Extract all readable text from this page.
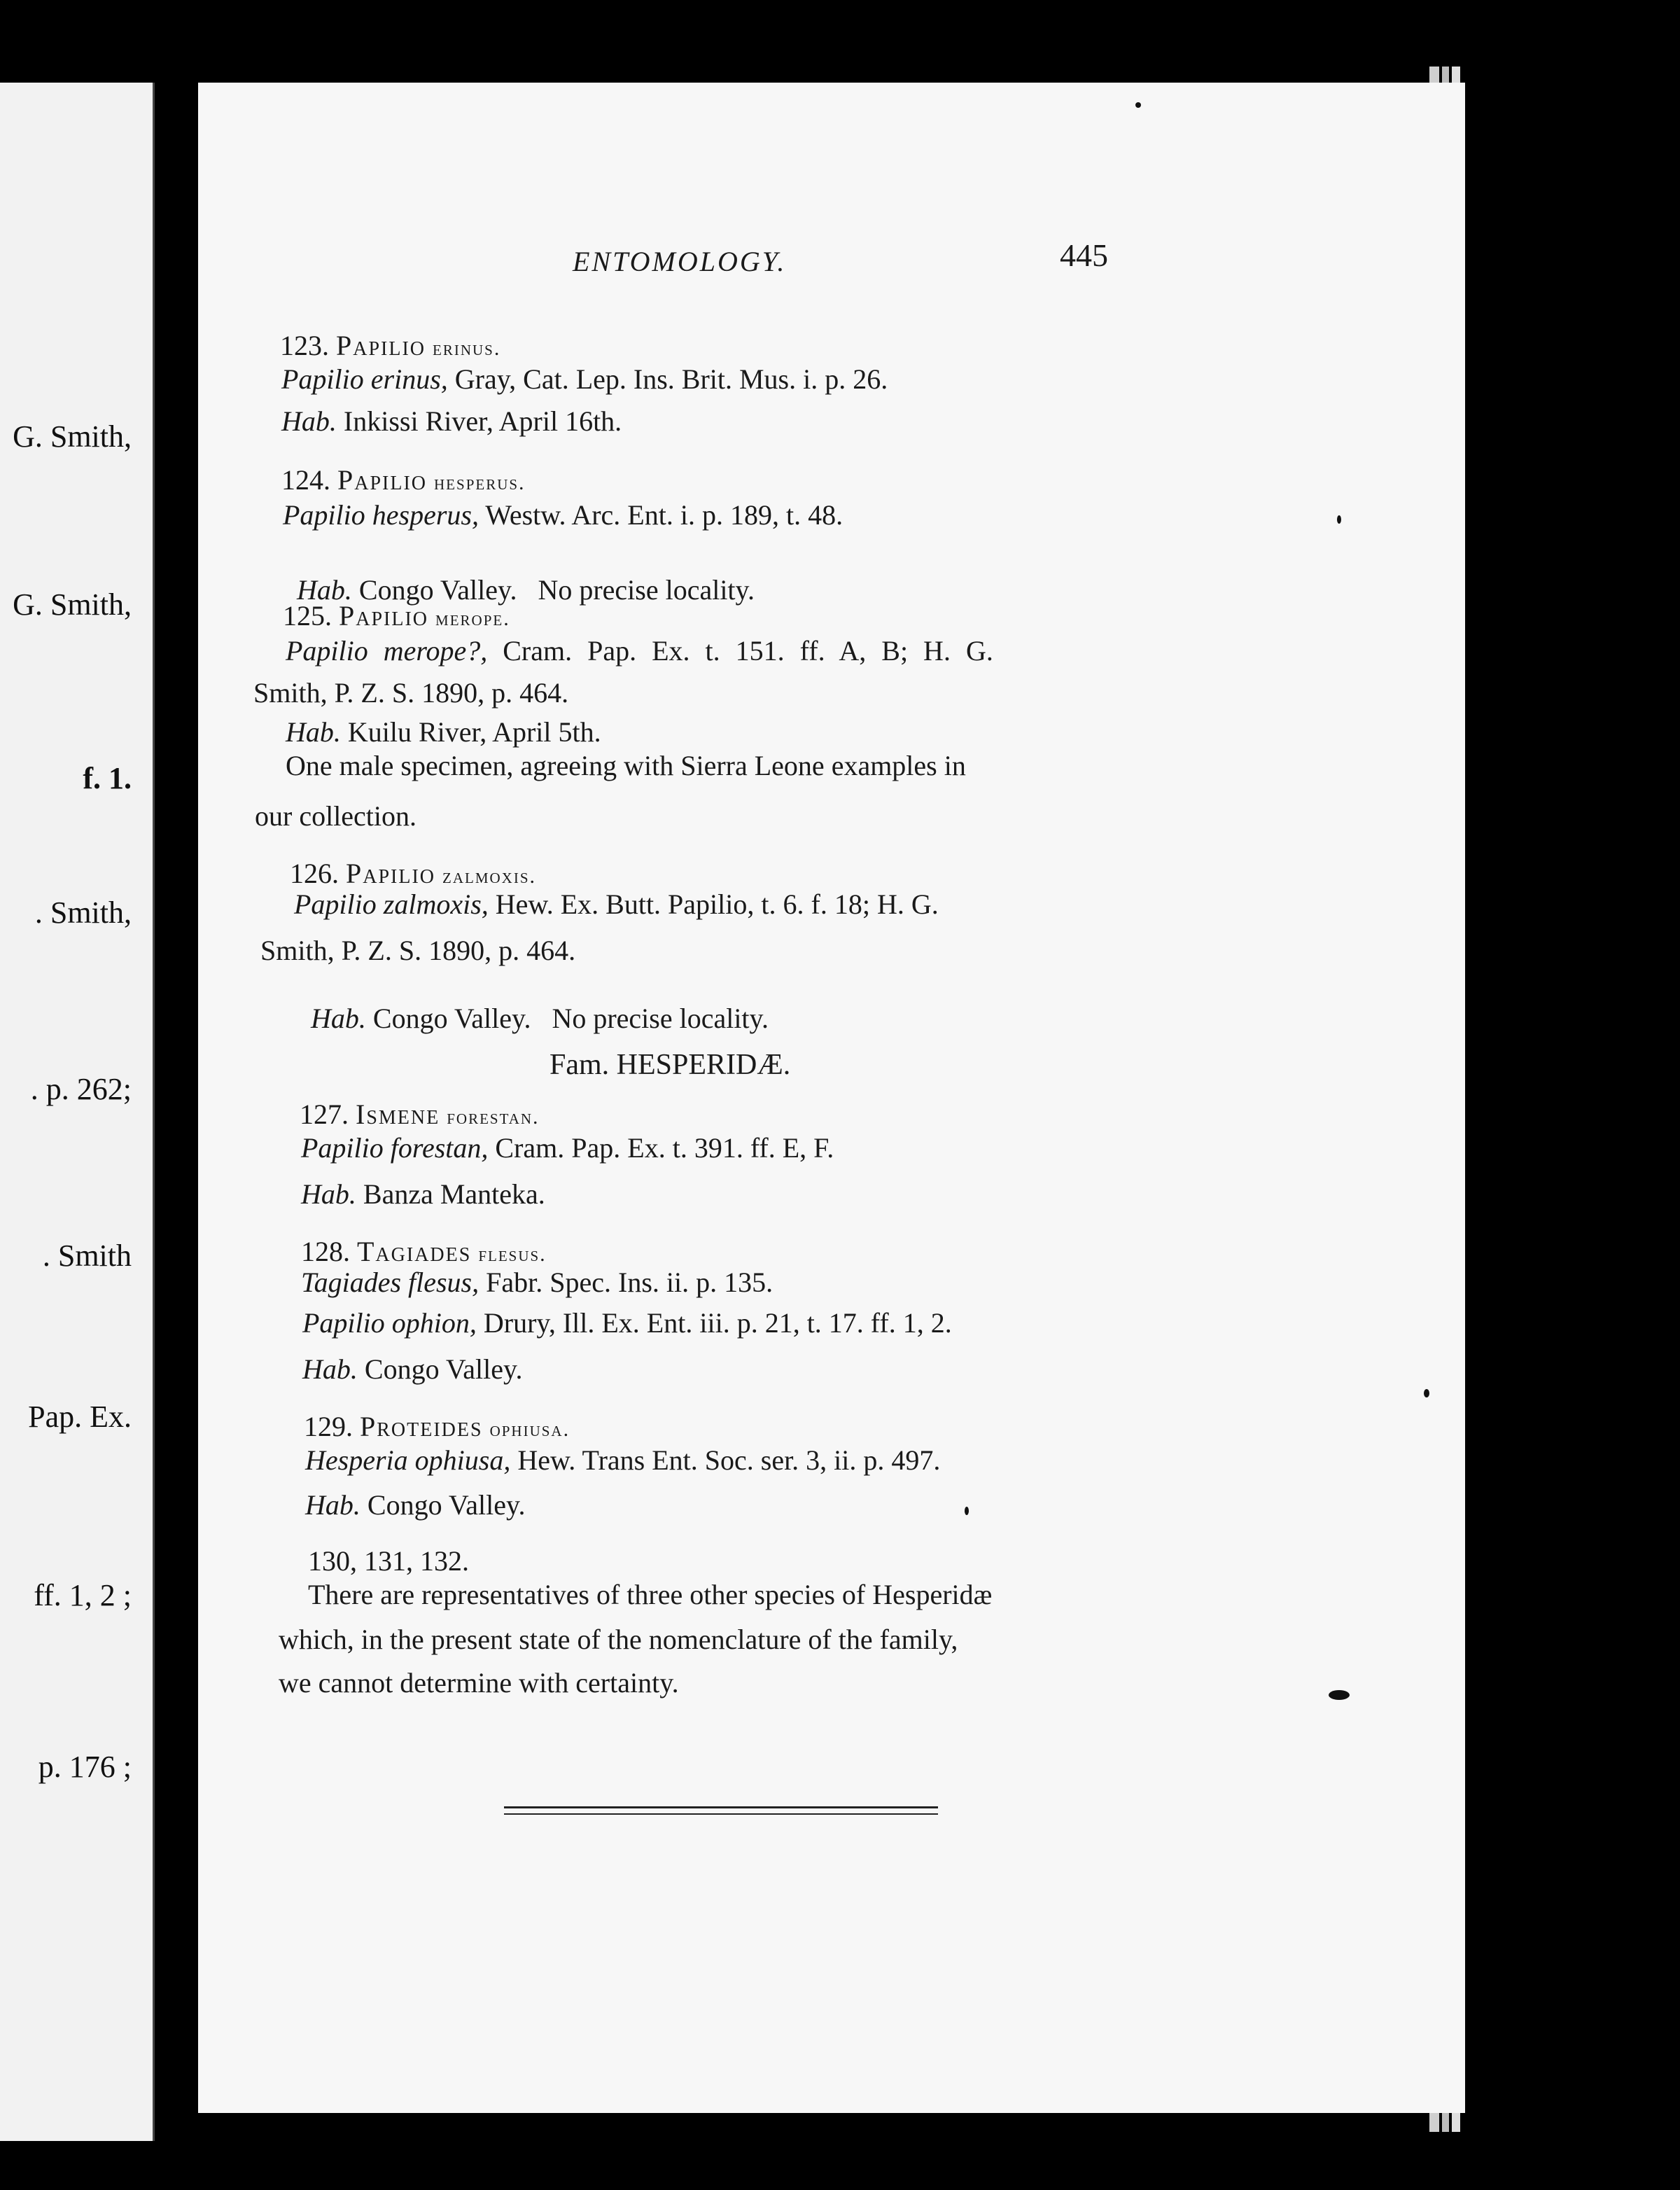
G. Smith,
G. Smith,
f. 1.
. Smith,
. p. 262;
. Smith
Pap. Ex.
ff. 1, 2 ;
p. 176 ;
ENTOMOLOGY.	445
123. Papilio erinus.
Papilio erinus, Gray, Cat. Lep. Ins. Brit. Mus. i. p. 26.
Hab. Inkissi River, April 16th.
124. Papilio hesperus.
Papilio hesperus, Westw. Arc. Ent. i. p. 189, t. 48.

Hab. Congo Valley.   No precise locality.

125. Papilio merope.
Papilio merope?, Cram. Pap. Ex. t. 151. ff. A, B; H. G.
Smith, P. Z. S. 1890, p. 464.
Hab. Kuilu River, April 5th.
One male specimen, agreeing with Sierra Leone examples in
our collection.
126. Papilio zalmoxis.
Papilio zalmoxis, Hew. Ex. Butt. Papilio, t. 6. f. 18; H. G.
Smith, P. Z. S. 1890, p. 464.

Hab. Congo Valley.   No precise locality.

Fam. HESPERIDÆ.
127. Ismene forestan.
Papilio forestan, Cram. Pap. Ex. t. 391. ff. E, F.
Hab. Banza Manteka.
128. Tagiades flesus.
Tagiades flesus, Fabr. Spec. Ins. ii. p. 135.
Papilio ophion, Drury, Ill. Ex. Ent. iii. p. 21, t. 17. ff. 1, 2.
Hab. Congo Valley.
129. Proteides ophiusa.
Hesperia ophiusa, Hew. Trans Ent. Soc. ser. 3, ii. p. 497.
Hab. Congo Valley.
130, 131, 132.
There are representatives of three other species of Hesperidæ
which, in the present state of the nomenclature of the family,
we cannot determine with certainty.
